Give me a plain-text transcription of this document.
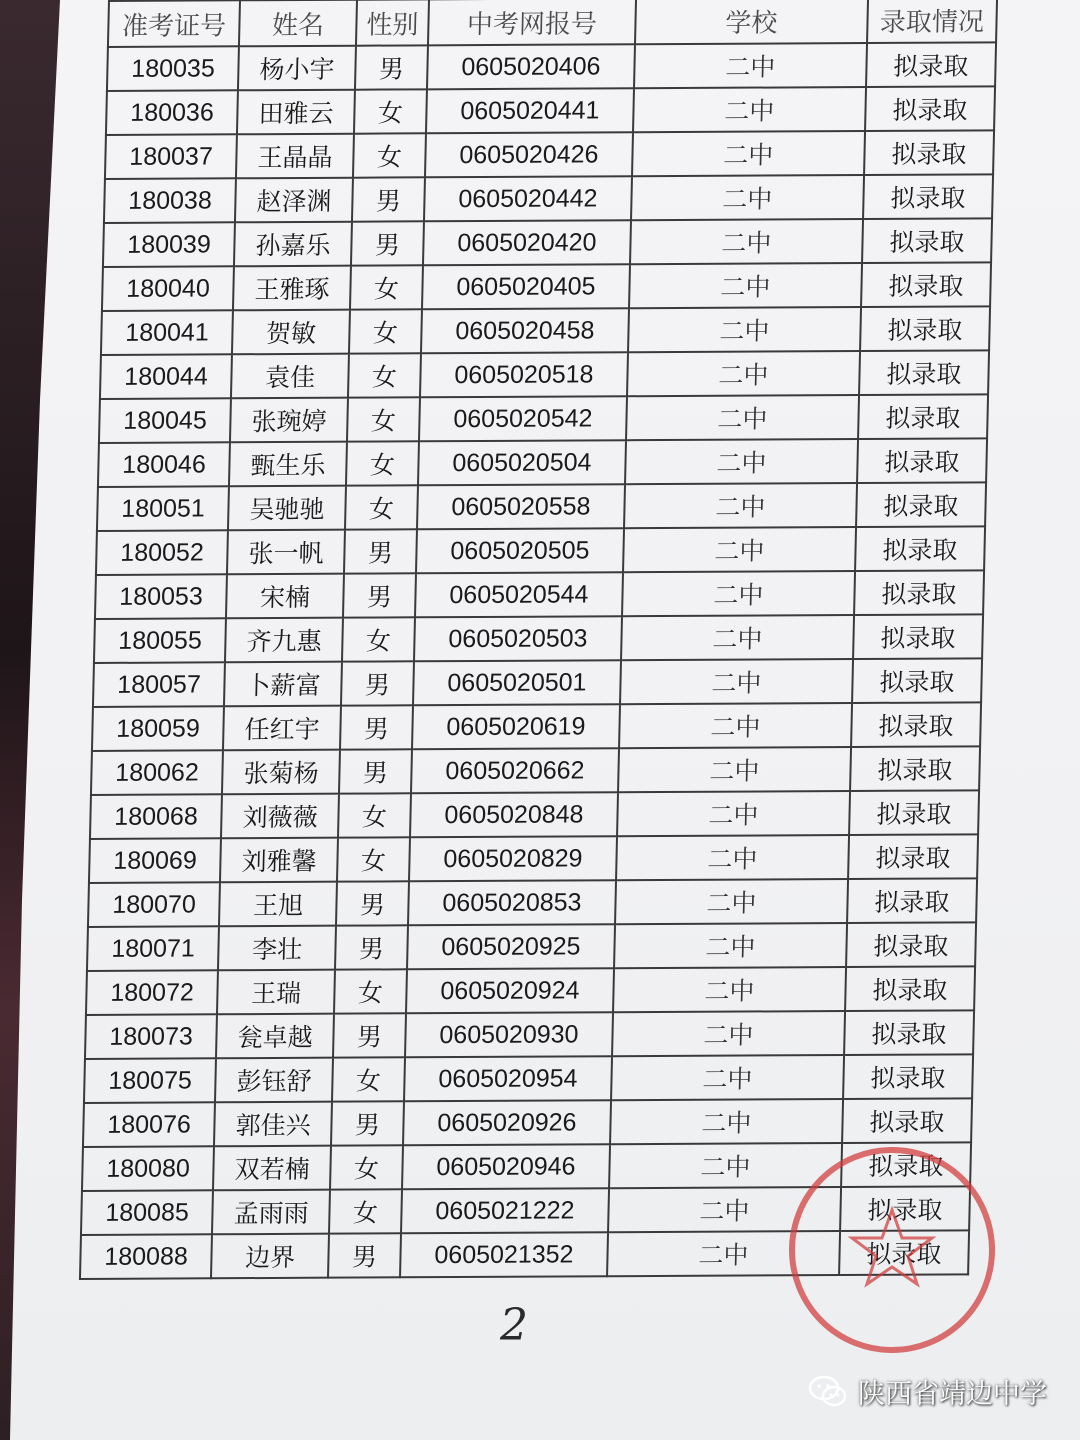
准考证号	姓名	性别	中考网报号	学校	录取情况
180035	杨小宇	男	0605020406	二中	拟录取
180036	田雅云	女	0605020441	二中	拟录取
180037	王晶晶	女	0605020426	二中	拟录取
180038	赵泽渊	男	0605020442	二中	拟录取
180039	孙嘉乐	男	0605020420	二中	拟录取
180040	王雅琢	女	0605020405	二中	拟录取
180041	贺敏	女	0605020458	二中	拟录取
180044	袁佳	女	0605020518	二中	拟录取
180045	张琬婷	女	0605020542	二中	拟录取
180046	甄生乐	女	0605020504	二中	拟录取
180051	吴驰驰	女	0605020558	二中	拟录取
180052	张一帆	男	0605020505	二中	拟录取
180053	宋楠	男	0605020544	二中	拟录取
180055	齐九惠	女	0605020503	二中	拟录取
180057	卜薪富	男	0605020501	二中	拟录取
180059	任红宇	男	0605020619	二中	拟录取
180062	张菊杨	男	0605020662	二中	拟录取
180068	刘薇薇	女	0605020848	二中	拟录取
180069	刘雅馨	女	0605020829	二中	拟录取
180070	王旭	男	0605020853	二中	拟录取
180071	李壮	男	0605020925	二中	拟录取
180072	王瑞	女	0605020924	二中	拟录取
180073	瓮卓越	男	0605020930	二中	拟录取
180075	彭钰舒	女	0605020954	二中	拟录取
180076	郭佳兴	男	0605020926	二中	拟录取
180080	双若楠	女	0605020946	二中	拟录取
180085	孟雨雨	女	0605021222	二中	拟录取
180088	边界	男	0605021352	二中	拟录取
2
陕西省靖边中学
